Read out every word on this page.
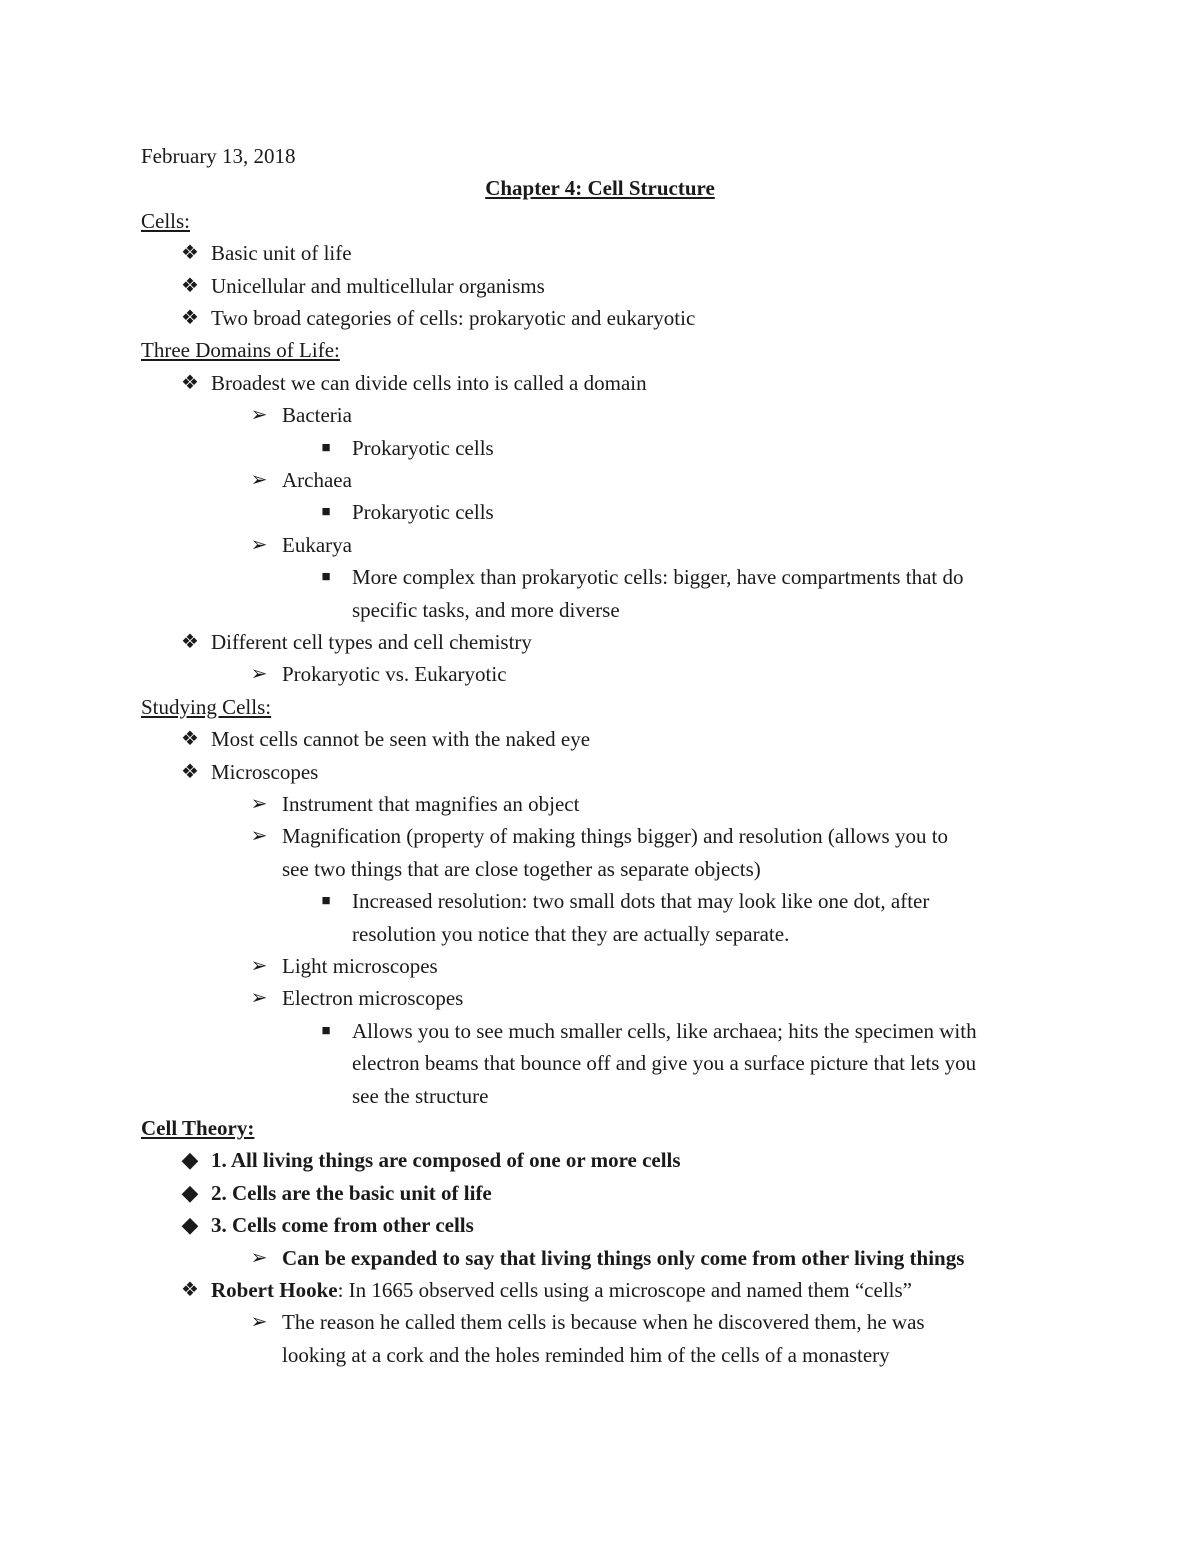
February 13, 2018
Chapter 4: Cell Structure
Cells:
❖ Basic unit of life
❖ Unicellular and multicellular organisms
❖ Two broad categories of cells: prokaryotic and eukaryotic
Three Domains of Life:
❖ Broadest we can divide cells into is called a domain
➢ Bacteria
■ Prokaryotic cells
➢ Archaea
■ Prokaryotic cells
➢ Eukarya
■ More complex than prokaryotic cells: bigger, have compartments that do
specific tasks, and more diverse
❖ Different cell types and cell chemistry
➢ Prokaryotic vs. Eukaryotic
Studying Cells:
❖ Most cells cannot be seen with the naked eye
❖ Microscopes
➢ Instrument that magnifies an object
➢ Magnification (property of making things bigger) and resolution (allows you to
see two things that are close together as separate objects)
■ Increased resolution: two small dots that may look like one dot, after
resolution you notice that they are actually separate.
➢ Light microscopes
➢ Electron microscopes
■ Allows you to see much smaller cells, like archaea; hits the specimen with
electron beams that bounce off and give you a surface picture that lets you
see the structure
Cell Theory:
◆ 1. All living things are composed of one or more cells
◆ 2. Cells are the basic unit of life
◆ 3. Cells come from other cells
➢ Can be expanded to say that living things only come from other living things
❖ Robert Hooke: In 1665 observed cells using a microscope and named them “cells”
➢ The reason he called them cells is because when he discovered them, he was
looking at a cork and the holes reminded him of the cells of a monastery
